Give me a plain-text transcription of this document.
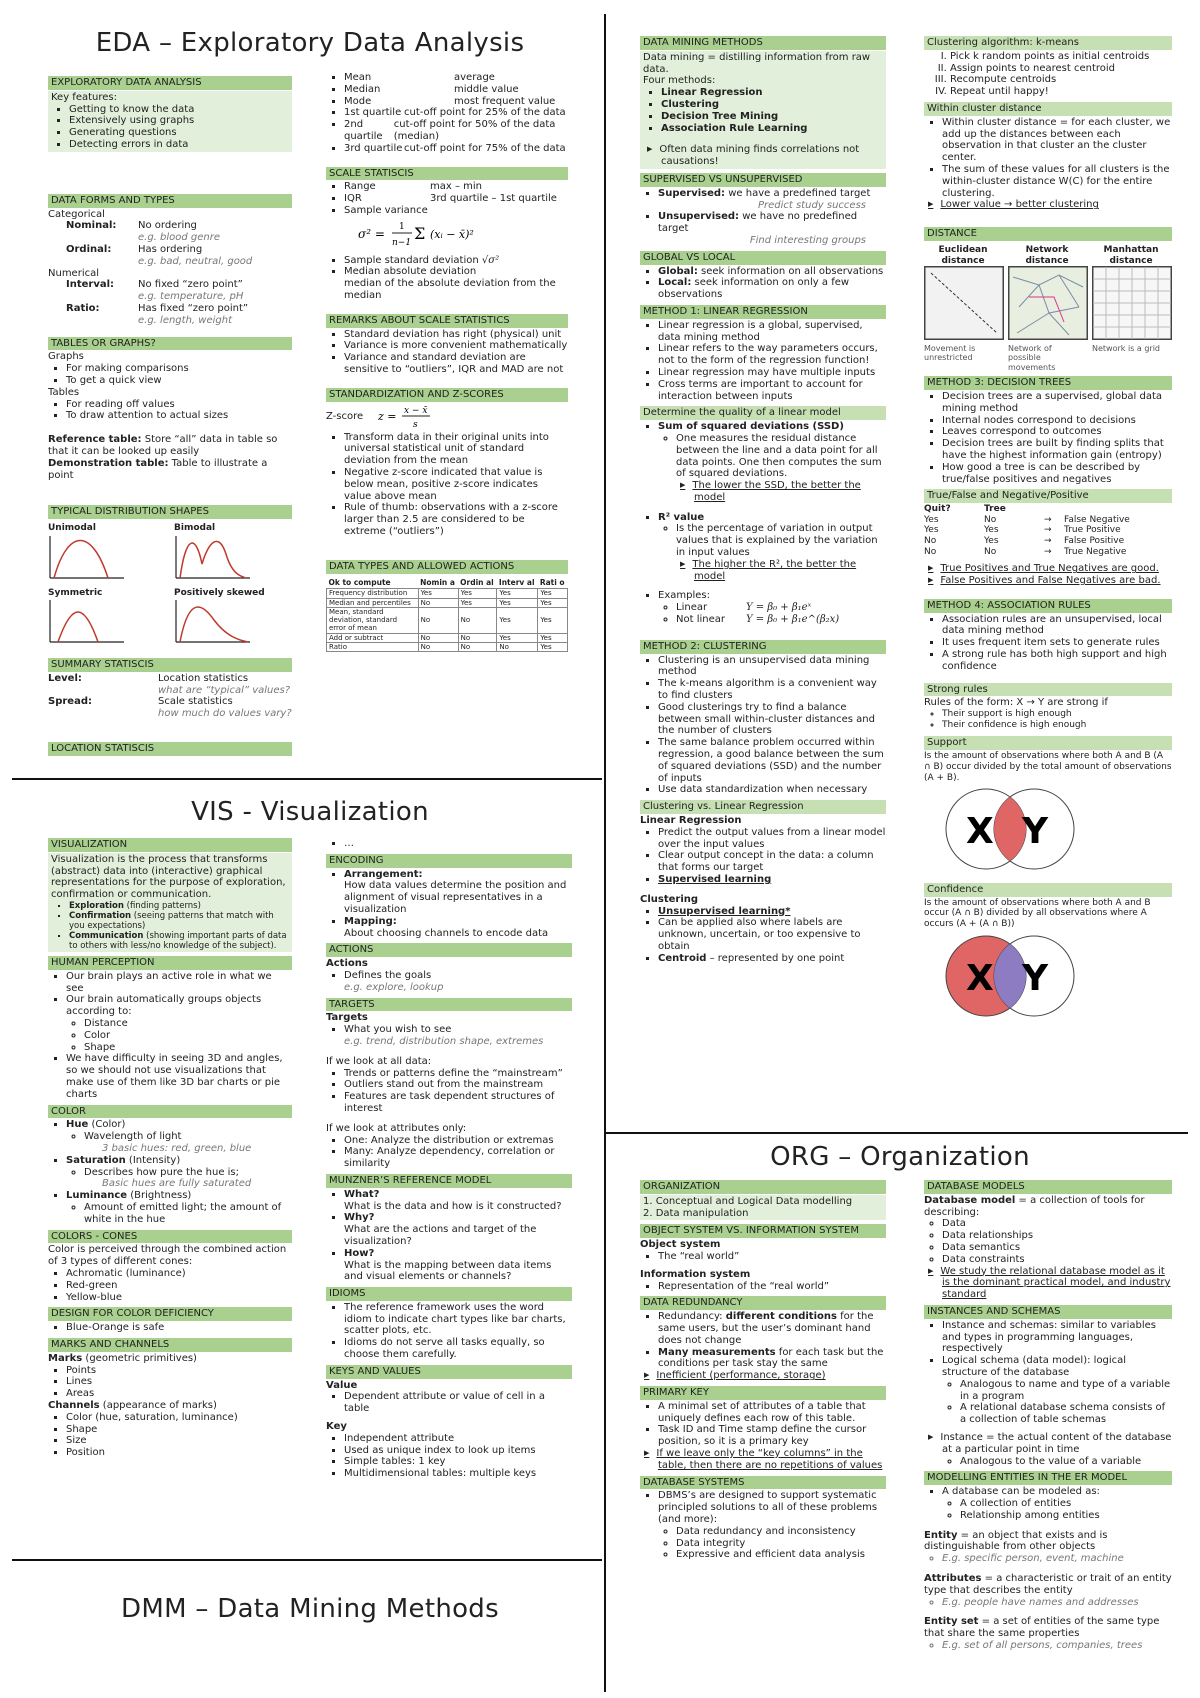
EDA – Exploratory Data Analysis
EXPLORATORY DATA ANALYSIS
Key features:
▪ Getting to know the data
▪ Extensively using graphs
▪ Generating questions
▪ Detecting errors in data
DATA FORMS AND TYPES
Categorical
Nominal:	No ordering
e.g. blood genre
Ordinal:	Has ordering
e.g. bad, neutral, good
Numerical
Interval:	No fixed “zero point”
e.g. temperature, pH
Ratio:	Has fixed “zero point”
e.g. length, weight
TABLES OR GRAPHS?
Graphs
▪ For making comparisons
▪ To get a quick view
Tables
▪ For reading off values
▪ To draw attention to actual sizes
Reference table: Store “all” data in table so that it can be looked up easily
Demonstration table: Table to illustrate a point
TYPICAL DISTRIBUTION SHAPES
Unimodal	Bimodal
Symmetric	Positively skewed
SUMMARY STATISCIS
Level:	Location statistics
what are “typical” values?
Spread:	Scale statistics
how much do values vary?
LOCATION STATISCIS
▪ Mean	average
▪ Median	middle value
▪ Mode	most frequent value
▪ 1st quartile cut-off point for 25% of the data
▪ 2nd quartile
cut-off point for 50% of the data (median)
▪ 3rd quartile cut-off point for 75% of the data
SCALE STATISCIS
▪ Range	max – min
▪ IQR	3rd quartile – 1st quartile
▪ Sample variance
σ² = 1
n−1 Σ (xᵢ − x̄)²
▪ Sample standard deviation √σ²
▪ Median absolute deviation
median of the absolute deviation from the median
REMARKS ABOUT SCALE STATISTICS
▪ Standard deviation has right (physical) unit
▪ Variance is more convenient mathematically
▪ Variance and standard deviation are sensitive to “outliers”, IQR and MAD are not
STANDARDIZATION AND Z-SCORES
Z-score	z = x − x̄
s
▪ Transform data in their original units into universal statistical unit of standard deviation from the mean
▪ Negative z-score indicated that value is below mean, positive z-score indicates value above mean
▪ Rule of thumb: observations with a z-score larger than 2.5 are considered to be extreme (“outliers”)
DATA TYPES AND ALLOWED ACTIONS
Ok to compute	Nomin a	Ordin al	Interv al	Rati o
Frequency distribution	Yes	Yes	Yes	Yes
Median and percentiles	No	Yes	Yes	Yes
Mean, standard deviation, standard error of mean	No	No	Yes	Yes
Add or subtract	No	No	Yes	Yes
Ratio	No	No	No	Yes
VIS - Visualization
VISUALIZATION
Visualization is the process that transforms (abstract) data into (interactive) graphical representations for the purpose of exploration, confirmation or communication.
▪ Exploration (finding patterns)
▪ Confirmation (seeing patterns that match with you expectations)
▪ Communication (showing important parts of data to others with less/no knowledge of the subject).
HUMAN PERCEPTION
▪ Our brain plays an active role in what we see
▪ Our brain automatically groups objects according to:
◦ Distance
◦ Color
◦ Shape
▪ We have difficulty in seeing 3D and angles, so we should not use visualizations that make use of them like 3D bar charts or pie charts
COLOR
▪ Hue (Color)
◦ Wavelength of light
3 basic hues: red, green, blue
▪ Saturation (Intensity)
◦ Describes how pure the hue is;
Basic hues are fully saturated
▪ Luminance (Brightness)
◦ Amount of emitted light; the amount of white in the hue
COLORS - CONES
Color is perceived through the combined action of 3 types of different cones:
▪ Achromatic (luminance)
▪ Red-green
▪ Yellow-blue
DESIGN FOR COLOR DEFICIENCY
▪ Blue-Orange is safe
MARKS AND CHANNELS
Marks (geometric primitives)
▪ Points
▪ Lines
▪ Areas
Channels (appearance of marks)
▪ Color (hue, saturation, luminance)
▪ Shape
▪ Size
▪ Position
▪ …
ENCODING
▪ Arrangement:
How data values determine the position and alignment of visual representatives in a visualization
▪ Mapping:
About choosing channels to encode data
ACTIONS
Actions
▪ Defines the goals
e.g. explore, lookup
TARGETS
Targets
▪ What you wish to see
e.g. trend, distribution shape, extremes
If we look at all data:
▪ Trends or patterns define the “mainstream”
▪ Outliers stand out from the mainstream
▪ Features are task dependent structures of interest
If we look at attributes only:
▪ One: Analyze the distribution or extremas
▪ Many: Analyze dependency, correlation or similarity
MUNZNER’S REFERENCE MODEL
▪ What?
What is the data and how is it constructed?
▪ Why?
What are the actions and target of the visualization?
▪ How?
What is the mapping between data items and visual elements or channels?
IDIOMS
▪ The reference framework uses the word idiom to indicate chart types like bar charts, scatter plots, etc.
▪ Idioms do not serve all tasks equally, so choose them carefully.
KEYS AND VALUES
Value
▪ Dependent attribute or value of cell in a table
Key
▪ Independent attribute
▪ Used as unique index to look up items
▪ Simple tables: 1 key
▪ Multidimensional tables: multiple keys
DMM – Data Mining Methods
DATA MINING METHODS
Data mining = distilling information from raw data.
Four methods:
▪ Linear Regression
▪ Clustering
▪ Decision Tree Mining
▪ Association Rule Learning
▶ Often data mining finds correlations not causations!
SUPERVISED VS UNSUPERVISED
▪ Supervised: we have a predefined target
Predict study success
▪ Unsupervised: we have no predefined target
Find interesting groups
GLOBAL VS LOCAL
▪ Global: seek information on all observations
▪ Local: seek information on only a few observations
METHOD 1: LINEAR REGRESSION
▪ Linear regression is a global, supervised, data mining method
▪ Linear refers to the way parameters occurs, not to the form of the regression function!
▪ Linear regression may have multiple inputs
▪ Cross terms are important to account for interaction between inputs
Determine the quality of a linear model
▪ Sum of squared deviations (SSD)
◦ One measures the residual distance between the line and a data point for all data points. One then computes the sum of squared deviations.
▶ The lower the SSD, the better the model
▪ R² value
◦ Is the percentage of variation in output values that is explained by the variation in input values
▶ The higher the R², the better the model
▪ Examples:
◦ Linear	Y = β₀ + β₁eˣ
◦ Not linear Y = β₀ + β₁e^(β₂x)
METHOD 2: CLUSTERING
▪ Clustering is an unsupervised data mining method
▪ The k-means algorithm is a convenient way to find clusters
▪ Good clusterings try to find a balance between small within-cluster distances and the number of clusters
▪ The same balance problem occurred within regression, a good balance between the sum of squared deviations (SSD) and the number of inputs
▪ Use data standardization when necessary
Clustering vs. Linear Regression
Linear Regression
▪ Predict the output values from a linear model over the input values
▪ Clear output concept in the data: a column that forms our target
▪ Supervised learning
Clustering
▪ Unsupervised learning*
▪ Can be applied also where labels are unknown, uncertain, or too expensive to obtain
▪ Centroid – represented by one point
Clustering algorithm: k-means
I. Pick k random points as initial centroids
II. Assign points to nearest centroid
III. Recompute centroids
IV. Repeat until happy!
Within cluster distance
▪ Within cluster distance = for each cluster, we add up the distances between each observation in that cluster an the cluster center.
▪ The sum of these values for all clusters is the within-cluster distance W(C) for the entire clustering.
▶ Lower value → better clustering
DISTANCE
Euclidean distance
Movement is unrestricted
Network distance
Network of possible movements
Manhattan distance
Network is a grid
METHOD 3: DECISION TREES
▪ Decision trees are a supervised, global data mining method
▪ Internal nodes correspond to decisions
▪ Leaves correspond to outcomes
▪ Decision trees are built by finding splits that have the highest information gain (entropy)
▪ How good a tree is can be described by true/false positives and negatives
True/False and Negative/Positive
Quit?	Tree
Yes	No	→	False Negative
Yes	Yes	→	True Positive
No	Yes	→	False Positive
No	No	→	True Negative
▶ True Positives and True Negatives are good.
▶ False Positives and False Negatives are bad.
METHOD 4: ASSOCIATION RULES
▪ Association rules are an unsupervised, local data mining method
▪ It uses frequent item sets to generate rules
▪ A strong rule has both high support and high confidence
Strong rules
Rules of the form: X → Y are strong if
◦ Their support is high enough
◦ Their confidence is high enough
Support
Is the amount of observations where both A and B (A ∩ B) occur divided by the total amount of observations (A + B).
X Y
Confidence
Is the amount of observations where both A and B occur (A ∩ B) divided by all observations where A occurs (A + (A ∩ B))
X Y
ORG – Organization
ORGANIZATION
1. Conceptual and Logical Data modelling
2. Data manipulation
OBJECT SYSTEM VS. INFORMATION SYSTEM
Object system
▪ The “real world”
Information system
▪ Representation of the “real world”
DATA REDUNDANCY
▪ Redundancy: different conditions for the same users, but the user’s dominant hand does not change
▪ Many measurements for each task but the conditions per task stay the same
▶ Inefficient (performance, storage)
PRIMARY KEY
▪ A minimal set of attributes of a table that uniquely defines each row of this table.
▪ Task ID and Time stamp define the cursor position, so it is a primary key
▶ If we leave only the “key columns” in the table, then there are no repetitions of values
DATABASE SYSTEMS
▪ DBMS’s are designed to support systematic principled solutions to all of these problems (and more):
◦ Data redundancy and inconsistency
◦ Data integrity
◦ Expressive and efficient data analysis
DATABASE MODELS
Database model = a collection of tools for describing:
◦ Data
◦ Data relationships
◦ Data semantics
◦ Data constraints
▶ We study the relational database model as it is the dominant practical model, and industry standard
INSTANCES AND SCHEMAS
▪ Instance and schemas: similar to variables and types in programming languages, respectively
▪ Logical schema (data model): logical structure of the database
◦ Analogous to name and type of a variable in a program
◦ A relational database schema consists of a collection of table schemas
▶ Instance = the actual content of the database at a particular point in time
◦ Analogous to the value of a variable
MODELLING ENTITIES IN THE ER MODEL
▪ A database can be modeled as:
◦ A collection of entities
◦ Relationship among entities
Entity = an object that exists and is distinguishable from other objects
◦ E.g. specific person, event, machine
Attributes = a characteristic or trait of an entity type that describes the entity
◦ E.g. people have names and addresses
Entity set = a set of entities of the same type that share the same properties
◦ E.g. set of all persons, companies, trees
